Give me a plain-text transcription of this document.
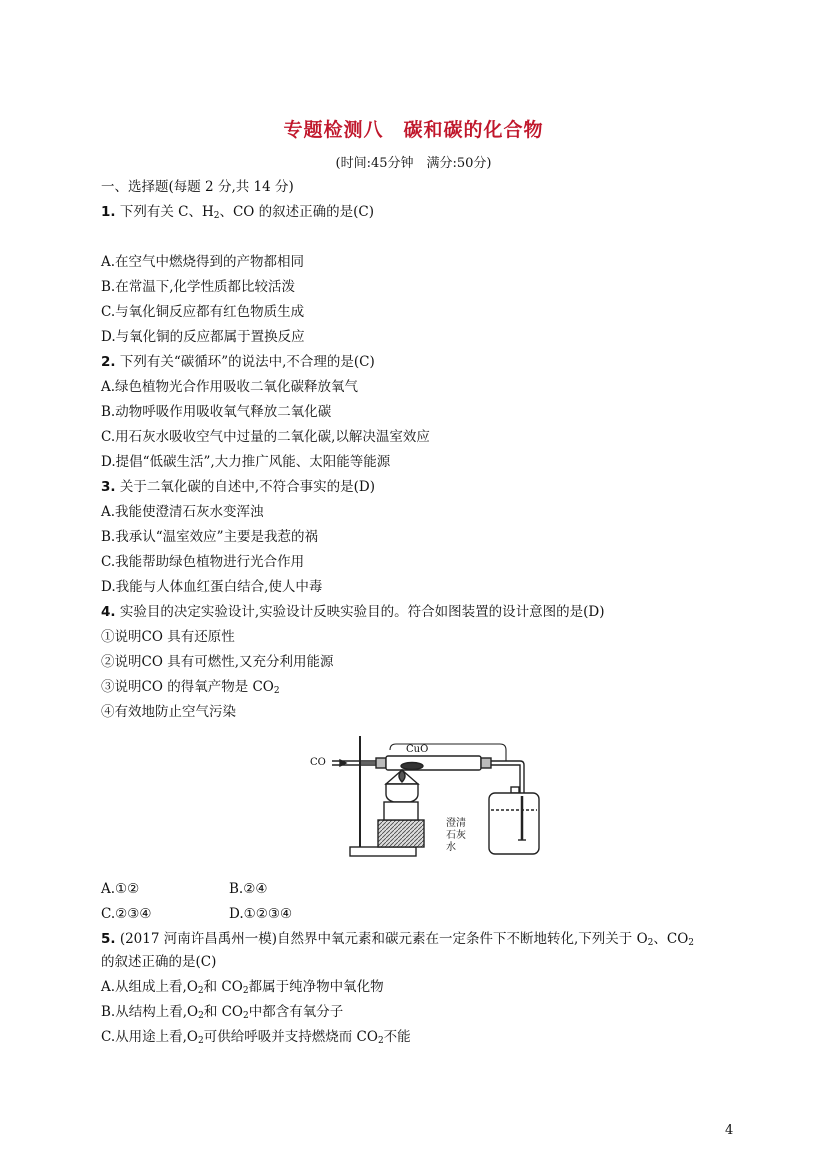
专题检测八　碳和碳的化合物
(时间:45分钟　满分:50分)
一、选择题(每题 2 分,共 14 分)
1. 下列有关 C、$H_2$、CO 的叙述正确的是(C)
A.在空气中燃烧得到的产物都相同
B.在常温下,化学性质都比较活泼
C.与氧化铜反应都有红色物质生成
D.与氧化铜的反应都属于置换反应
2. 下列有关“碳循环”的说法中,不合理的是(C)
A.绿色植物光合作用吸收二氧化碳释放氧气
B.动物呼吸作用吸收氧气释放二氧化碳
C.用石灰水吸收空气中过量的二氧化碳,以解决温室效应
D.提倡“低碳生活”,大力推广风能、太阳能等能源
3. 关于二氧化碳的自述中,不符合事实的是(D)
A.我能使澄清石灰水变浑浊
B.我承认“温室效应”主要是我惹的祸
C.我能帮助绿色植物进行光合作用
D.我能与人体血红蛋白结合,使人中毒
4. 实验目的决定实验设计,实验设计反映实验目的。符合如图装置的设计意图的是(D)
①说明CO 具有还原性
②说明CO 具有可燃性,又充分利用能源
③说明CO 的得氧产物是 $CO_2$
④有效地防止空气污染
CO
CuO
澄 清
石 灰
水
A.①②	B.②④
C.②③④	D.①②③④
5. (2017 河南许昌禹州一模)自然界中氧元素和碳元素在一定条件下不断地转化,下列关于 $O_2$、$CO_2$
的叙述正确的是(C)
A.从组成上看$,O_2$和 $CO_2$都属于纯净物中氧化物
B.从结构上看$,O_2$和 $CO_2$中都含有氧分子
C.从用途上看$,O_2$可供给呼吸并支持燃烧而 $CO_2$不能
4
